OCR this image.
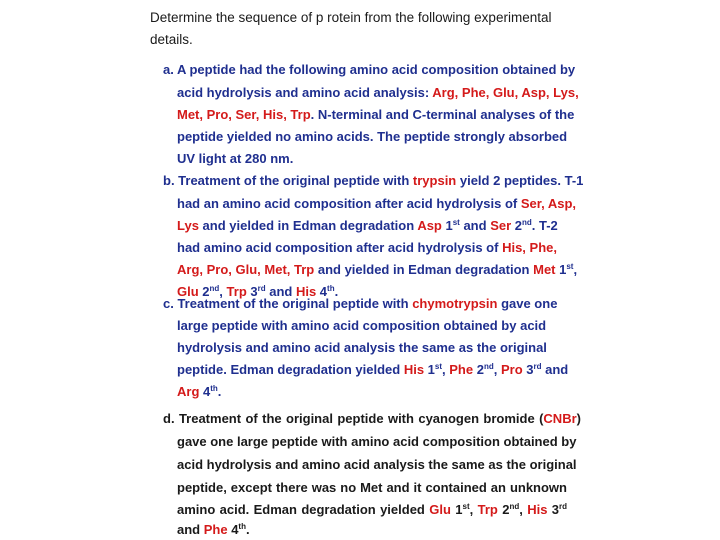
Determine the sequence of p rotein from the following experimental
details.
a. A peptide had the following amino acid composition obtained by
acid hydrolysis and amino acid analysis: Arg, Phe, Glu, Asp, Lys,
Met, Pro, Ser, His, Trp. N-terminal and C-terminal analyses of the
peptide yielded no amino acids. The peptide strongly absorbed
UV light at 280 nm.
b. Treatment of the original peptide with trypsin yield 2 peptides. T-1
had an amino acid composition after acid hydrolysis of Ser, Asp,
Lys and yielded in Edman degradation Asp 1st and Ser 2nd. T-2
had amino acid composition after acid hydrolysis of His, Phe,
Arg, Pro, Glu, Met, Trp and yielded in Edman degradation Met 1st,
Glu 2nd, Trp 3rd and His 4th.
c. Treatment of the original peptide with chymotrypsin gave one
large peptide with amino acid composition obtained by acid
hydrolysis and amino acid analysis the same as the original
peptide. Edman degradation yielded His 1st, Phe 2nd, Pro 3rd and
Arg 4th.
d. Treatment of the original peptide with cyanogen bromide (CNBr)
gave one large peptide with amino acid composition obtained by
acid hydrolysis and amino acid analysis the same as the original
peptide, except there was no Met and it contained an unknown
amino acid. Edman degradation yielded Glu 1st, Trp 2nd, His 3rd
and Phe 4th.
